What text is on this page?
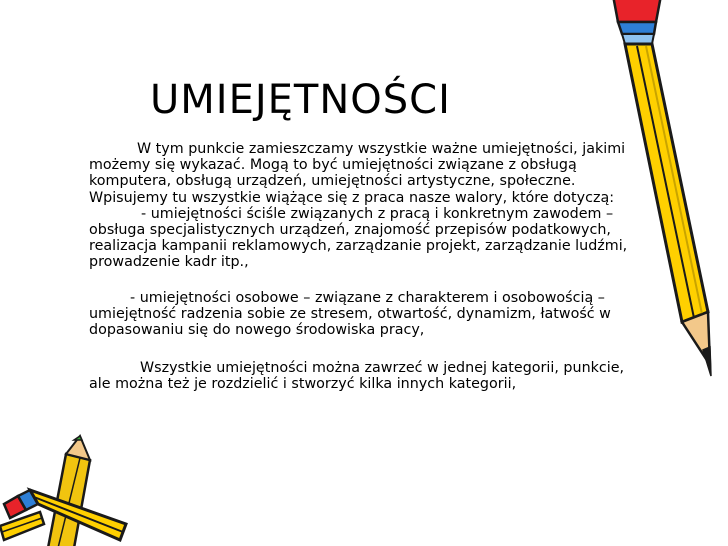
UMIEJĘTNOŚCI

W tym punkcie zamieszczamy wszystkie ważne umiejętności, jakimi
możemy się wykazać. Mogą to być umiejętności związane z obsługą
komputera, obsługą urządzeń, umiejętności artystyczne, społeczne.
Wpisujemy tu wszystkie wiążące się z praca nasze walory, które dotyczą:

- umiejętności ściśle związanych z pracą i konkretnym zawodem –
obsługa specjalistycznych urządzeń, znajomość przepisów podatkowych,
realizacja kampanii reklamowych, zarządzanie projekt, zarządzanie ludźmi,
prowadzenie kadr itp.,

- umiejętności osobowe – związane z charakterem i osobowością –
umiejętność radzenia sobie ze stresem, otwartość, dynamizm, łatwość w
dopasowaniu się do nowego środowiska pracy,

Wszystkie umiejętności można zawrzeć w jednej kategorii, punkcie,
ale można też je rozdzielić i stworzyć kilka innych kategorii,
